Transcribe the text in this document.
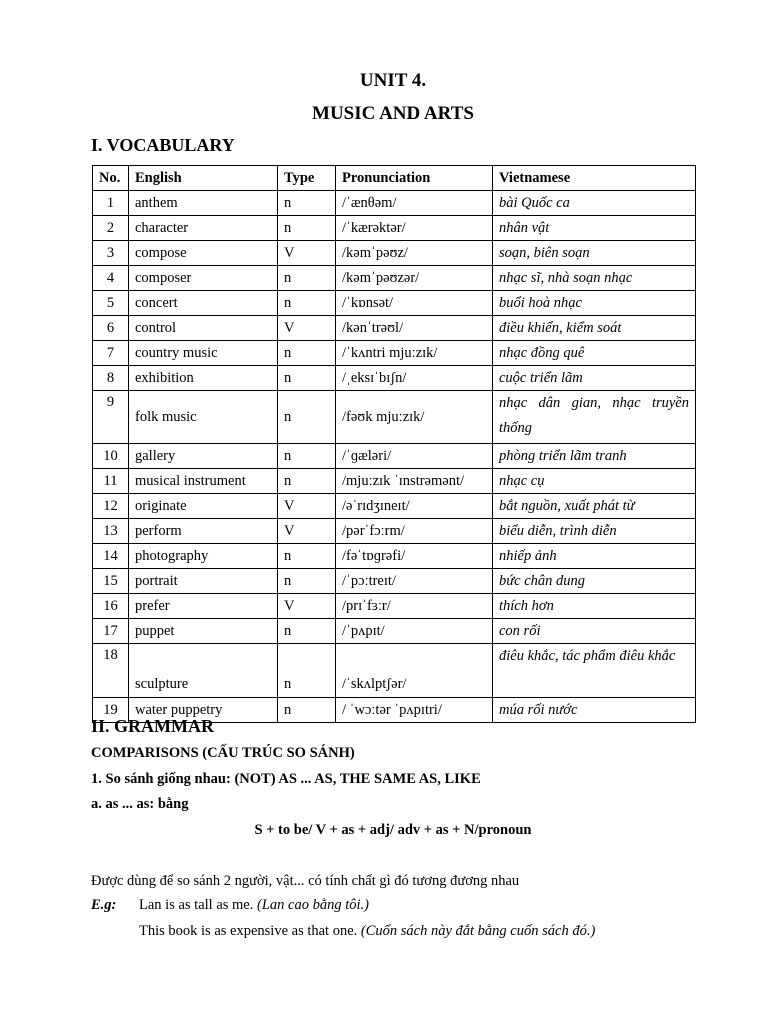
UNIT 4.
MUSIC AND ARTS
I. VOCABULARY
No.	English	Type	Pronunciation	Vietnamese
1	anthem	n	/ˈænθəm/	bài Quốc ca
2	character	n	/ˈkærəktər/	nhân vật
3	compose	V	/kəmˈpəʊz/	soạn, biên soạn
4	composer	n	/kəmˈpəʊzər/	nhạc sĩ, nhà soạn nhạc
5	concert	n	/ˈkɒnsət/	buổi hoà nhạc
6	control	V	/kənˈtrəʊl/	điều khiển, kiểm soát
7	country music	n	/ˈkʌntri mjuːzɪk/	nhạc đồng quê
8	exhibition	n	/ˌeksɪˈbɪʃn/	cuộc triển lãm
9	folk music	n	/fəʊk mjuːzɪk/	nhạc dân gian, nhạc truyền thống
10	gallery	n	/ˈɡæləri/	phòng triển lãm tranh
11	musical instrument	n	/mjuːzɪk ˈɪnstrəmənt/	nhạc cụ
12	originate	V	/əˈrɪdʒɪneɪt/	bắt nguồn, xuất phát từ
13	perform	V	/pərˈfɔːrm/	biểu diễn, trình diễn
14	photography	n	/fəˈtɒɡrəfi/	nhiếp ảnh
15	portrait	n	/ˈpɔːtreɪt/	bức chân dung
16	prefer	V	/prɪˈfɜːr/	thích hơn
17	puppet	n	/ˈpʌpɪt/	con rối
18	sculpture	n	/ˈskʌlptʃər/	điêu khắc, tác phẩm điêu khắc
19	water puppetry	n	/ ˈwɔːtər ˈpʌpɪtri/	múa rối nước
II. GRAMMAR
COMPARISONS (CẤU TRÚC SO SÁNH)
1. So sánh giống nhau: (NOT) AS ... AS, THE SAME AS, LIKE
a. as ... as: bằng
S + to be/ V + as + adj/ adv + as + N/pronoun
Được dùng để so sánh 2 người, vật... có tính chất gì đó tương đương nhau
E.g: Lan is as tall as me. (Lan cao bằng tôi.)
This book is as expensive as that one. (Cuốn sách này đắt bằng cuốn sách đó.)
